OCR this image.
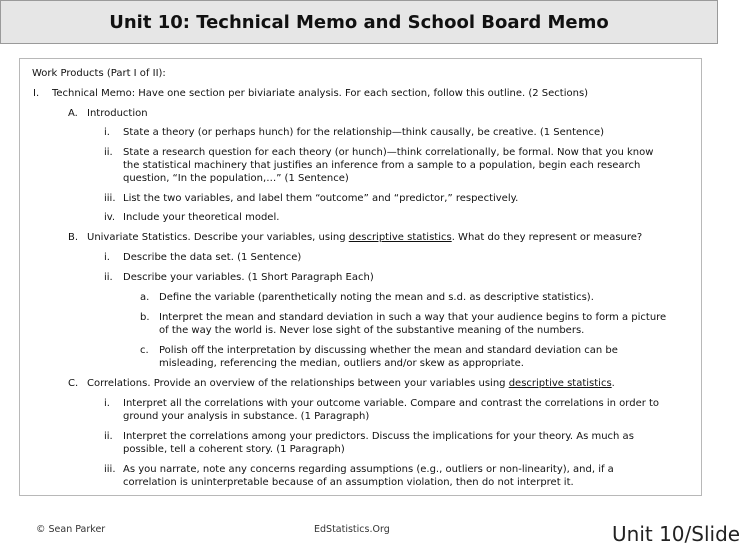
Unit 10: Technical Memo and School Board Memo
Work Products (Part I of II):
I. Technical Memo: Have one section per biviariate analysis. For each section, follow this outline. (2 Sections)
A. Introduction
i. State a theory (or perhaps hunch) for the relationship—think causally, be creative. (1 Sentence)
ii. State a research question for each theory (or hunch)—think correlationally, be formal. Now that you know
the statistical machinery that justifies an inference from a sample to a population, begin each research
question, “In the population,…” (1 Sentence)
iii. List the two variables, and label them “outcome” and “predictor,” respectively.
iv. Include your theoretical model.
B. Univariate Statistics. Describe your variables, using descriptive statistics. What do they represent or measure?
i. Describe the data set. (1 Sentence)
ii. Describe your variables. (1 Short Paragraph Each)
a. Define the variable (parenthetically noting the mean and s.d. as descriptive statistics).
b. Interpret the mean and standard deviation in such a way that your audience begins to form a picture
of the way the world is. Never lose sight of the substantive meaning of the numbers.
c. Polish off the interpretation by discussing whether the mean and standard deviation can be
misleading, referencing the median, outliers and/or skew as appropriate.
C. Correlations. Provide an overview of the relationships between your variables using descriptive statistics.
i. Interpret all the correlations with your outcome variable. Compare and contrast the correlations in order to
ground your analysis in substance. (1 Paragraph)
ii. Interpret the correlations among your predictors. Discuss the implications for your theory. As much as
possible, tell a coherent story. (1 Paragraph)
iii. As you narrate, note any concerns regarding assumptions (e.g., outliers or non-linearity), and, if a
correlation is uninterpretable because of an assumption violation, then do not interpret it.
© Sean Parker	EdStatistics.Org	Unit 10/Slide
